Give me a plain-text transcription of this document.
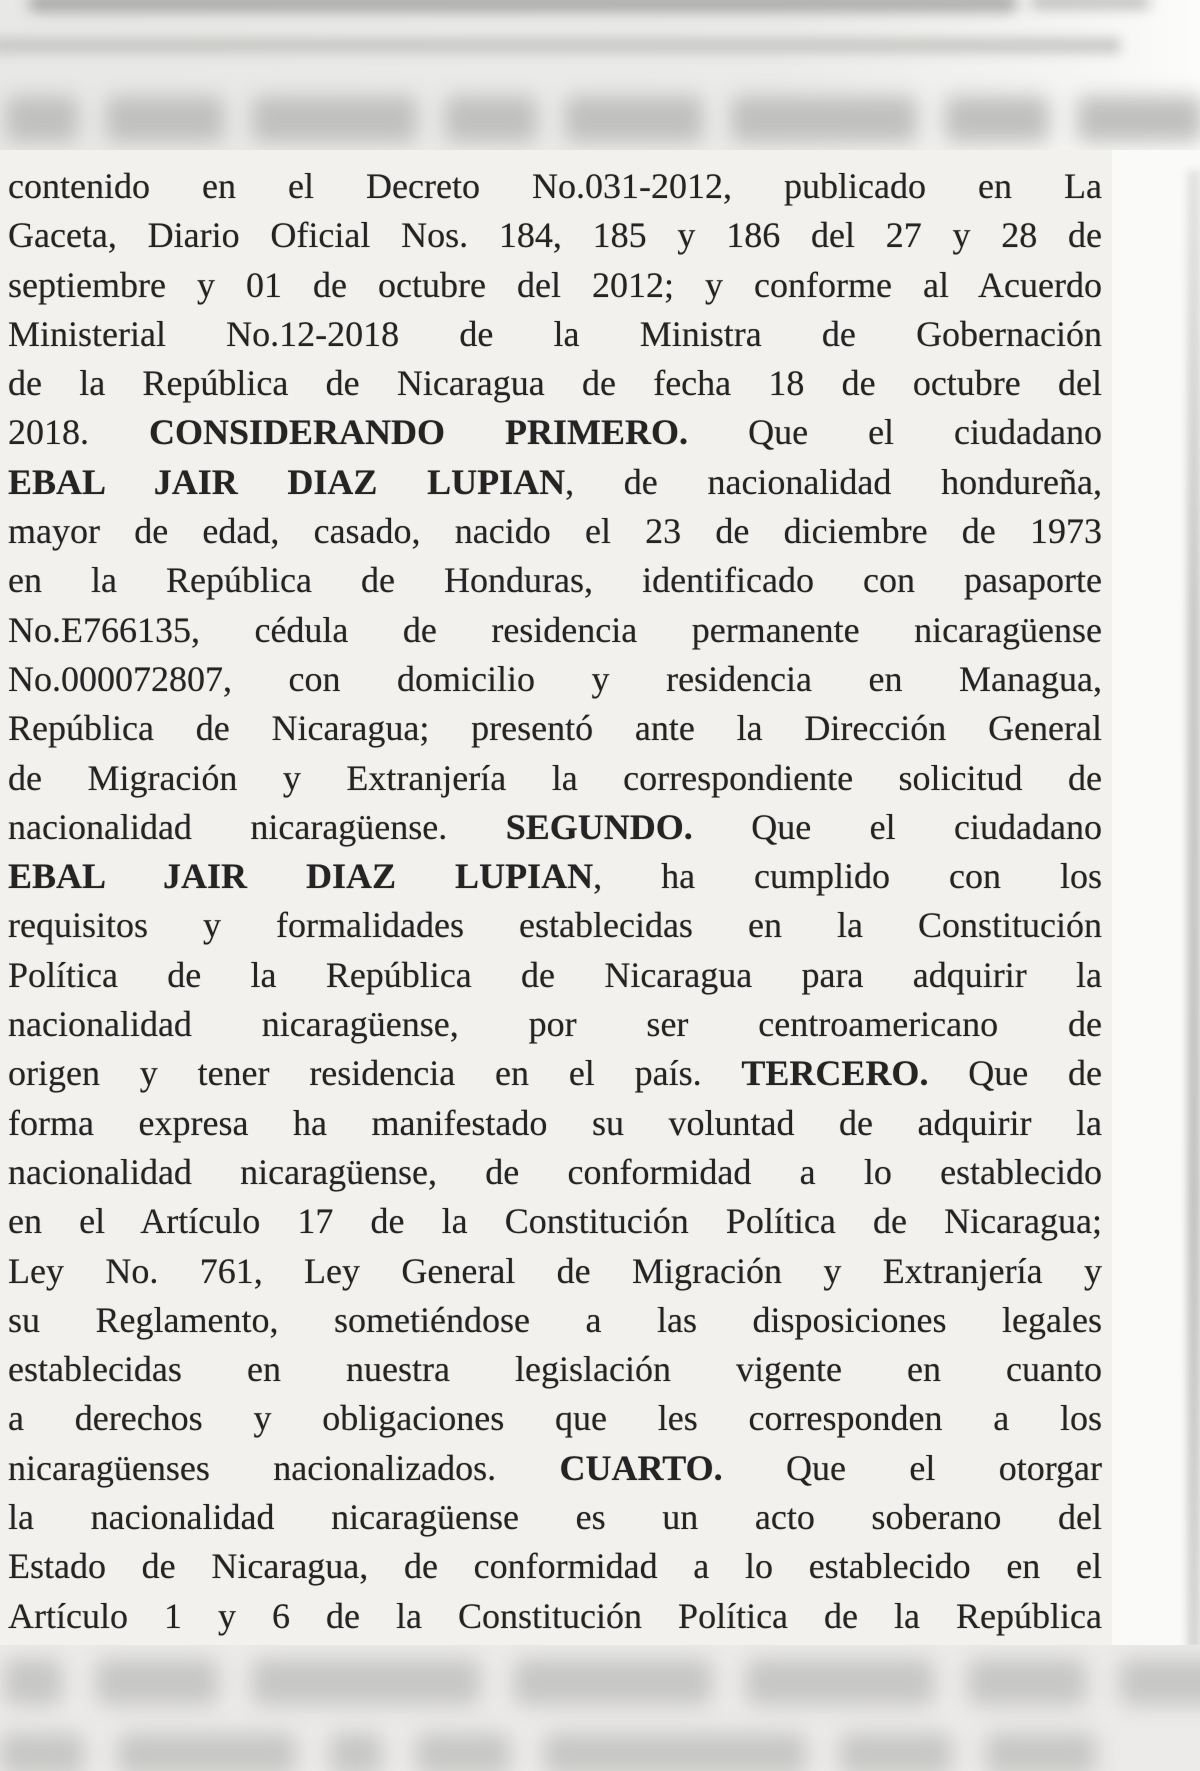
contenido en el Decreto No.031-2012, publicado en La
Gaceta, Diario Oficial Nos. 184, 185 y 186 del 27 y 28 de
septiembre y 01 de octubre del 2012; y conforme al Acuerdo
Ministerial No.12-2018 de la Ministra de Gobernación
de la República de Nicaragua de fecha 18 de octubre del
2018. CONSIDERANDO PRIMERO. Que el ciudadano
EBAL JAIR DIAZ LUPIAN, de nacionalidad hondureña,
mayor de edad, casado, nacido el 23 de diciembre de 1973
en la República de Honduras, identificado con pasaporte
No.E766135, cédula de residencia permanente nicaragüense
No.000072807, con domicilio y residencia en Managua,
República de Nicaragua; presentó ante la Dirección General
de Migración y Extranjería la correspondiente solicitud de
nacionalidad nicaragüense. SEGUNDO. Que el ciudadano
EBAL JAIR DIAZ LUPIAN, ha cumplido con los
requisitos y formalidades establecidas en la Constitución
Política de la República de Nicaragua para adquirir la
nacionalidad nicaragüense, por ser centroamericano de
origen y tener residencia en el país. TERCERO. Que de
forma expresa ha manifestado su voluntad de adquirir la
nacionalidad nicaragüense, de conformidad a lo establecido
en el Artículo 17 de la Constitución Política de Nicaragua;
Ley No. 761, Ley General de Migración y Extranjería y
su Reglamento, sometiéndose a las disposiciones legales
establecidas en nuestra legislación vigente en cuanto
a derechos y obligaciones que les corresponden a los
nicaragüenses nacionalizados. CUARTO. Que el otorgar
la nacionalidad nicaragüense es un acto soberano del
Estado de Nicaragua, de conformidad a lo establecido en el
Artículo 1 y 6 de la Constitución Política de la República
